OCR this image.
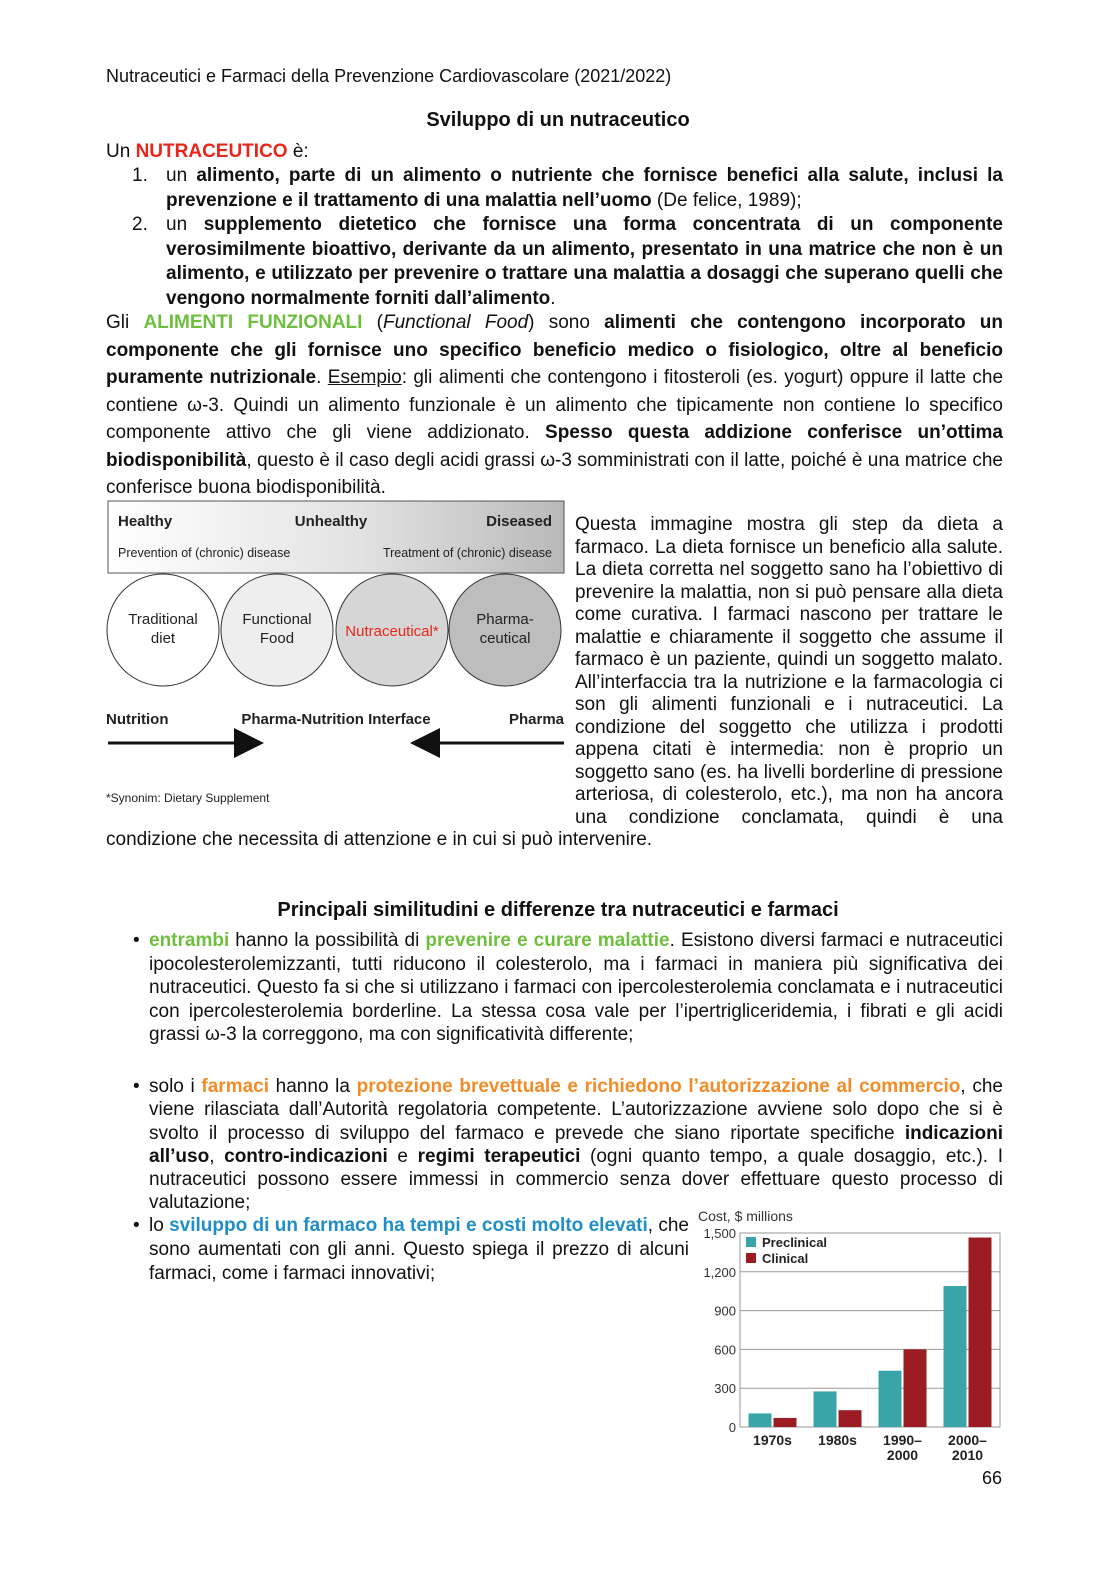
Nutraceutici e Farmaci della Prevenzione Cardiovascolare (2021/2022)
Sviluppo di un nutraceutico
Un NUTRACEUTICO è:
1. un alimento, parte di un alimento o nutriente che fornisce benefici alla salute, inclusi la prevenzione e il trattamento di una malattia nell’uomo (De felice, 1989);
2. un supplemento dietetico che fornisce una forma concentrata di un componente verosimilmente bioattivo, derivante da un alimento, presentato in una matrice che non è un alimento, e utilizzato per prevenire o trattare una malattia a dosaggi che superano quelli che vengono normalmente forniti dall’alimento.
Gli ALIMENTI FUNZIONALI (Functional Food) sono alimenti che contengono incorporato un componente che gli fornisce uno specifico beneficio medico o fisiologico, oltre al beneficio puramente nutrizionale. Esempio: gli alimenti che contengono i fitosteroli (es. yogurt) oppure il latte che contiene ω-3. Quindi un alimento funzionale è un alimento che tipicamente non contiene lo specifico componente attivo che gli viene addizionato. Spesso questa addizione conferisce un’ottima biodisponibilità, questo è il caso degli acidi grassi ω-3 somministrati con il latte, poiché è una matrice che conferisce buona biodisponibilità.
Healthy	Unhealthy	Diseased
Prevention of (chronic) disease	Treatment of (chronic) disease
Traditional
diet
Functional
Food	Nutraceutical*
Pharma-
ceutical
Nutrition	Pharma-Nutrition Interface	Pharma
*Synonim: Dietary Supplement
Questa immagine mostra gli step da dieta a farmaco. La dieta fornisce un beneficio alla salute. La dieta corretta nel soggetto sano ha l’obiettivo di prevenire la malattia, non si può pensare alla dieta come curativa. I farmaci nascono per trattare le malattie e chiaramente il soggetto che assume il farmaco è un paziente, quindi un soggetto malato. All’interfaccia tra la nutrizione e la farmacologia ci son gli alimenti funzionali e i nutraceutici. La condizione del soggetto che utilizza i prodotti appena citati è intermedia: non è proprio un soggetto sano (es. ha livelli borderline di pressione arteriosa, di colesterolo, etc.), ma non ha ancora una condizione conclamata, quindi è una condizione che necessita di attenzione e in cui si può intervenire.
Principali similitudini e differenze tra nutraceutici e farmaci
• entrambi hanno la possibilità di prevenire e curare malattie. Esistono diversi farmaci e nutraceutici ipocolesterolemizzanti, tutti riducono il colesterolo, ma i farmaci in maniera più significativa dei nutraceutici. Questo fa si che si utilizzano i farmaci con ipercolesterolemia conclamata e i nutraceutici con ipercolesterolemia borderline. La stessa cosa vale per l’ipertrigliceridemia, i fibrati e gli acidi grassi ω-3 la correggono, ma con significatività differente;
• solo i farmaci hanno la protezione brevettuale e richiedono l’autorizzazione al commercio, che viene rilasciata dall’Autorità regolatoria competente. L’autorizzazione avviene solo dopo che si è svolto il processo di sviluppo del farmaco e prevede che siano riportate specifiche indicazioni all’uso, contro-indicazioni e regimi terapeutici (ogni quanto tempo, a quale dosaggio, etc.). I nutraceutici possono essere immessi in commercio senza dover effettuare questo processo di valutazione;
• lo sviluppo di un farmaco ha tempi e costi molto elevati, che sono aumentati con gli anni. Questo spiega il prezzo di alcuni farmaci, come i farmaci innovativi;
Cost, $ millions
0
300
600
900
1,200
1,500
1970s 1980s 1990–
2000
2000–
2010
Preclinical
Clinical
66
